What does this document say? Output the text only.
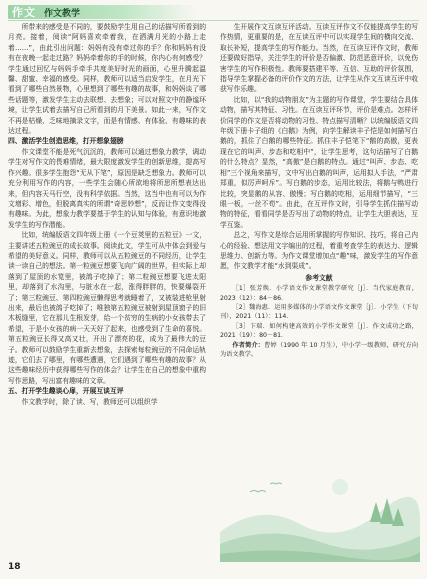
作文 作文教学

所带来的感受是不同的，要鼓励学生用自己的话描写所看到的月亮。接着，阅读“阿妈喜欢牵着我，在洒满月光的小路上走着……”，由此引出问题：妈妈有没有牵过你的手？你和妈妈有没有在夜晚一起走过路？妈妈牵着你的手的时候，你内心有何感受？学生通过回忆与妈妈手牵手共度美好时光的画面，心里升腾起温馨、甜蜜、幸福的感受。同样，教师可以适当启发学生，在月光下看到了哪些自然景物，心里想到了哪些有趣的故事，和妈妈谈了哪些话题等，激发学生主动去联想、去想象；可以对照文中的静谧环境，让学生试着去描写自己所看到的月下美景。如此一来，写作文不再是枯燥、乏味地摘录文字，而是有情感、有体验、有趣味的表达过程。

四、激活学生创造思维，打开想象翅膀

作文课堂不能是死气沉沉的，教师可以通过想象力教学，调动学生对写作文的畏难情绪，最大限度激发学生的创新思维，提高写作兴趣。很多学生抱怨“无从下笔”，原因是缺乏想象力。教师可以充分利用写作的内容，一些学生会随心所欲地将所思所想表达出来，但内容天马行空，没有科学依据。当然，这当中也有可以为作文增彩、增色，但脱离真实的所谓“奇思妙想”，反而让作文变得没有趣味。为此，想象力教学要基于学生的认知与体验，有意识地激发学生的写作潜能。

比如，统编版语文四年级上册《一个豆荚里的五粒豆》一文，主要讲述五粒豌豆的成长故事。阅读此文，学生可从中体会到爱与希望的美好意义。同样，教师可以从五粒豌豆的不同经历，让学生读一读自己的想法。第一粒豌豆想要飞向广阔的世界，但实际上却落到了屋顶的水笕里，被鸽子吃掉了；第二粒豌豆想要飞进太阳里，却落到了水沟里，与脏水在一起，涨得胖胖的，快要爆裂开了；第三粒豌豆、第四粒豌豆懒得思考就睡着了，又被装进枪里射出来，最后也被鸽子吃掉了；唯独第五粒豌豆被射到屋顶窗子的旧木板缝里，它在那儿生根发芽，给一个贫穷的生病的小女孩带去了希望，于是小女孩的病一天天好了起来，也感受到了生命的喜悦。第五粒豌豆长得又高又壮，开出了漂亮的花，成为了最伟大的豆子。教师可以鼓励学生重新去想象，去探索每粒豌豆的不同命运轨迹，它们去了哪里，有哪些遭遇，它们遇到了哪些有趣的故事？从这些趣味经历中获得哪些写作的体会？让学生在自己的想象中重构写作思路，写出富有趣味的文章。

五、打开学生趣谈心扉，开展互谈互评

作文教学时，除了读、写，教师还可以组织学

生开展作文互读互评活动。互读互评作文不仅能提高学生的写作热情，更重要的是，在互读互评中可以实现学生间的横向交流、取长补短，提高学生的写作能力。当然，在互读互评作文时，教师还要做好指导，关注学生的评价是否偏激、防范恶意评价，以免伤害学生的写作积极性。教师要搭建平等、互信、互助的评价氛围，指导学生掌握必备的评价作文的方法，让学生从作文互读互评中收获写作乐趣。

比如，以“我的动物朋友”为主题的写作课堂，学生要结合具体动物，描写其特征、习性。在互读互评环节，评价是难点。怎样评价同学的作文是否将动物的习性、特点描写清晰？以统编版语文四年级下册卡子组的《白鹅》为例，向学生解读丰子恺是如何描写白鹅的，抓住了白鹅的哪些特征。抓住丰子恺笔下“鹅的高傲，更表现在它的叫声、步态和吃相中”，让学生思考，这句话描写了白鹅的什么特点？显然，“高傲”是白鹅的特点。通过“叫声、步态、吃相”三个视角来描写，文中写出白鹅的叫声，运用拟人手法，“严肃郑重，似厉声呵斥”。写白鹅的步态，运用比较法，将鹅与鸭进行比较，突显鹅的从容、傲慢；写白鹅的吃相，运用细节描写，“三眼一板，一丝不苟”。由此，在互评作文时，引导学生抓住描写动物的特征，看看同学是否写出了动物的特点，让学生大胆表达，互学互鉴。

总之，写作文是综合运用所掌握的写作知识、技巧，将自己内心的经验、想法用文字编出的过程，着重考查学生的表达力、逻辑思维力、创新力等。为作文课堂增加点“趣”味，激发学生的写作意愿，作文教学才能“水到渠成”。

参考文献

［1］张芳焕．小学语文作文课堂教学研究［J］．当代家庭教育，2023（12）：84－86．

［2］魏海惠．运用多媒体的小学语文作文课堂［J］．小学生（下旬刊），2021（11）：114．

［3］卞瑞．如何构建高效的小学作文课堂［J］．作文成功之路，2021（19）：80－81．

作者简介：曹婷（1990 年 10 月生），中小学一级教师，研究方向为语文教学。

18
